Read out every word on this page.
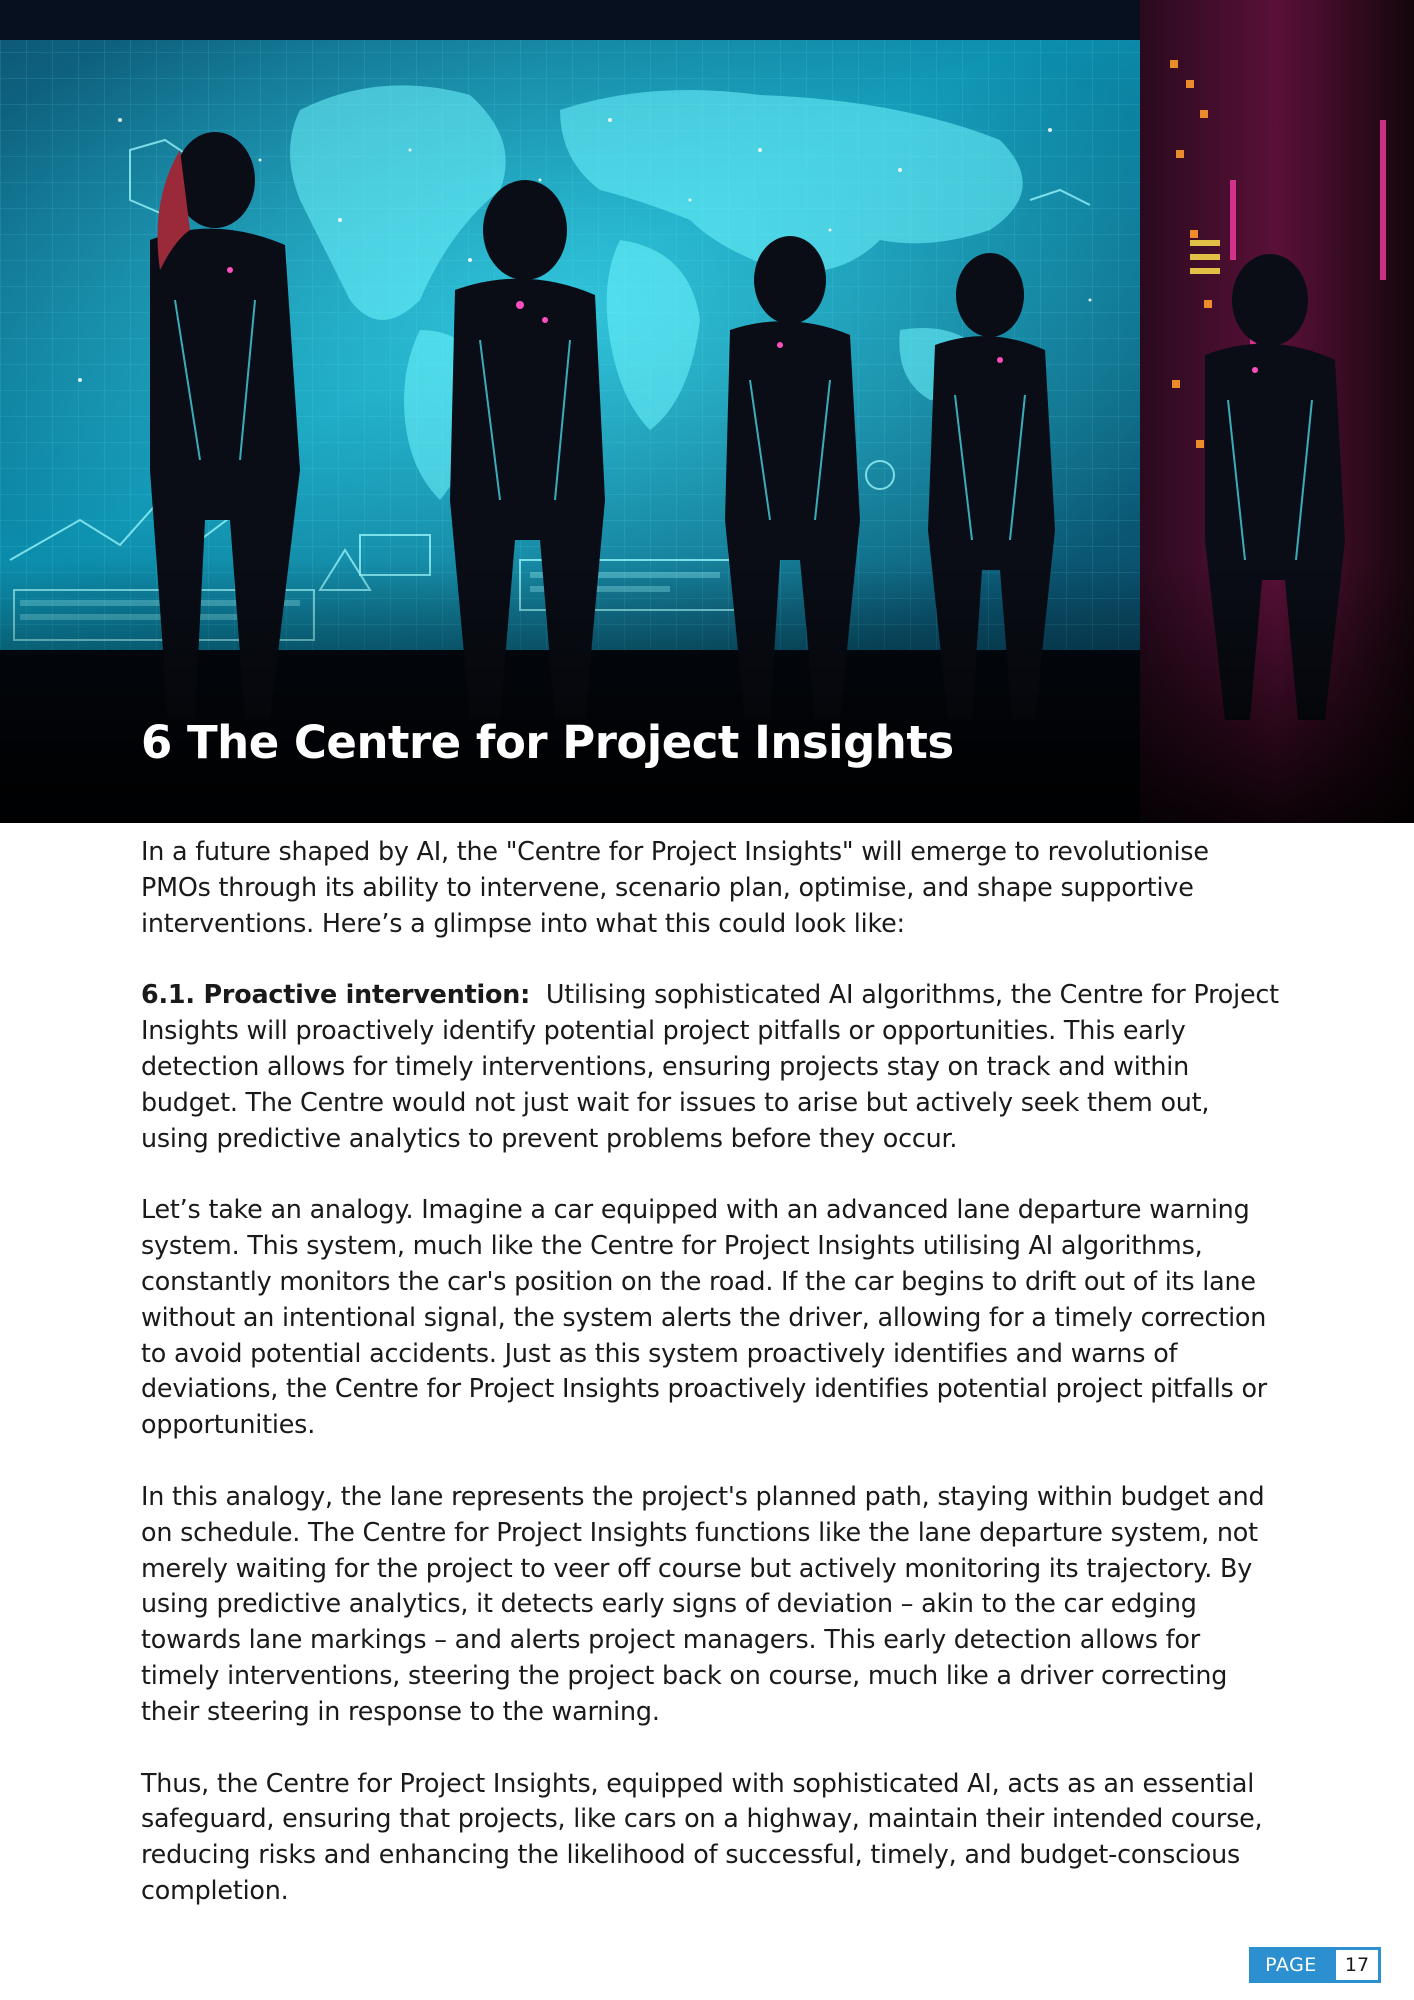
6 The Centre for Project Insights

In a future shaped by AI, the "Centre for Project Insights" will emerge to revolutionise PMOs through its ability to intervene, scenario plan, optimise, and shape supportive interventions. Here’s a glimpse into what this could look like:

6.1. Proactive intervention: Utilising sophisticated AI algorithms, the Centre for Project Insights will proactively identify potential project pitfalls or opportunities. This early detection allows for timely interventions, ensuring projects stay on track and within budget. The Centre would not just wait for issues to arise but actively seek them out, using predictive analytics to prevent problems before they occur.

Let’s take an analogy. Imagine a car equipped with an advanced lane departure warning system. This system, much like the Centre for Project Insights utilising AI algorithms, constantly monitors the car's position on the road. If the car begins to drift out of its lane without an intentional signal, the system alerts the driver, allowing for a timely correction to avoid potential accidents. Just as this system proactively identifies and warns of deviations, the Centre for Project Insights proactively identifies potential project pitfalls or opportunities.

In this analogy, the lane represents the project's planned path, staying within budget and on schedule. The Centre for Project Insights functions like the lane departure system, not merely waiting for the project to veer off course but actively monitoring its trajectory. By using predictive analytics, it detects early signs of deviation – akin to the car edging towards lane markings – and alerts project managers. This early detection allows for timely interventions, steering the project back on course, much like a driver correcting their steering in response to the warning.

Thus, the Centre for Project Insights, equipped with sophisticated AI, acts as an essential safeguard, ensuring that projects, like cars on a highway, maintain their intended course, reducing risks and enhancing the likelihood of successful, timely, and budget-conscious completion.

PAGE	17
